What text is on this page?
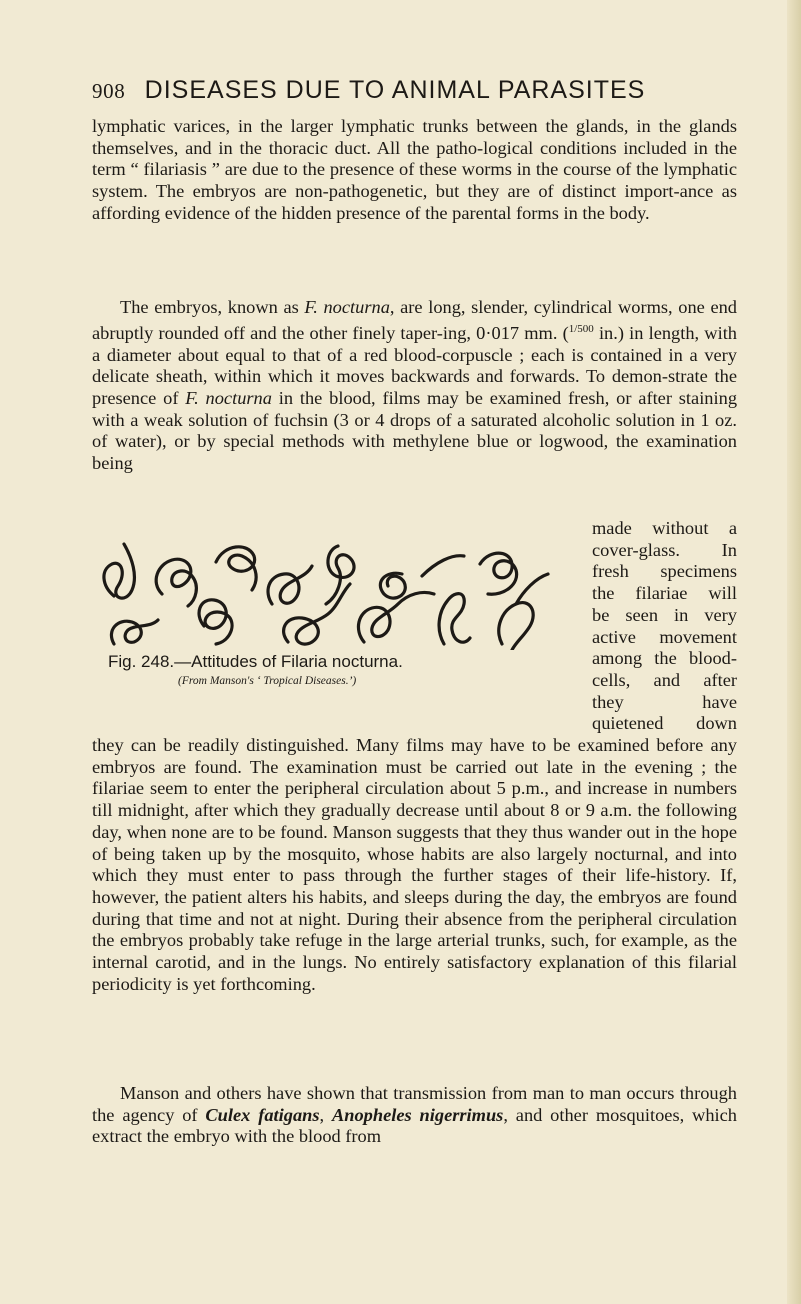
908 DISEASES DUE TO ANIMAL PARASITES

lymphatic varices, in the larger lymphatic trunks between the glands, in the glands themselves, and in the thoracic duct. All the patho-logical conditions included in the term “ filariasis ” are due to the presence of these worms in the course of the lymphatic system. The embryos are non-pathogenetic, but they are of distinct import-ance as affording evidence of the hidden presence of the parental forms in the body.

The embryos, known as F. nocturna, are long, slender, cylindrical worms, one end abruptly rounded off and the other finely taper-ing, 0·017 mm. ($^{1/500}$ in.) in length, with a diameter about equal to that of a red blood-corpuscle ; each is contained in a very delicate sheath, within which it moves backwards and forwards. To demon-strate the presence of F. nocturna in the blood, films may be examined fresh, or after staining with a weak solution of fuchsin (3 or 4 drops of a saturated alcoholic solution in 1 oz. of water), or by special methods with methylene blue or logwood, the examination being

Fig. 248.—Attitudes of Filaria nocturna.
(From Manson's ‘ Tropical Diseases.’)
made without a
cover-glass. In
fresh specimens
the filariae will
be seen in very
active movement
among the blood-
cells, and after
they have
quietened down

they can be readily distinguished. Many films may have to be examined before any embryos are found. The examination must be carried out late in the evening ; the filariae seem to enter the peripheral circulation about 5 p.m., and increase in numbers till midnight, after which they gradually decrease until about 8 or 9 a.m. the following day, when none are to be found. Manson suggests that they thus wander out in the hope of being taken up by the mosquito, whose habits are also largely nocturnal, and into which they must enter to pass through the further stages of their life-history. If, however, the patient alters his habits, and sleeps during the day, the embryos are found during that time and not at night. During their absence from the peripheral circulation the embryos probably take refuge in the large arterial trunks, such, for example, as the internal carotid, and in the lungs. No entirely satisfactory explanation of this filarial periodicity is yet forthcoming.

Manson and others have shown that transmission from man to man occurs through the agency of Culex fatigans, Anopheles nigerrimus, and other mosquitoes, which extract the embryo with the blood from
